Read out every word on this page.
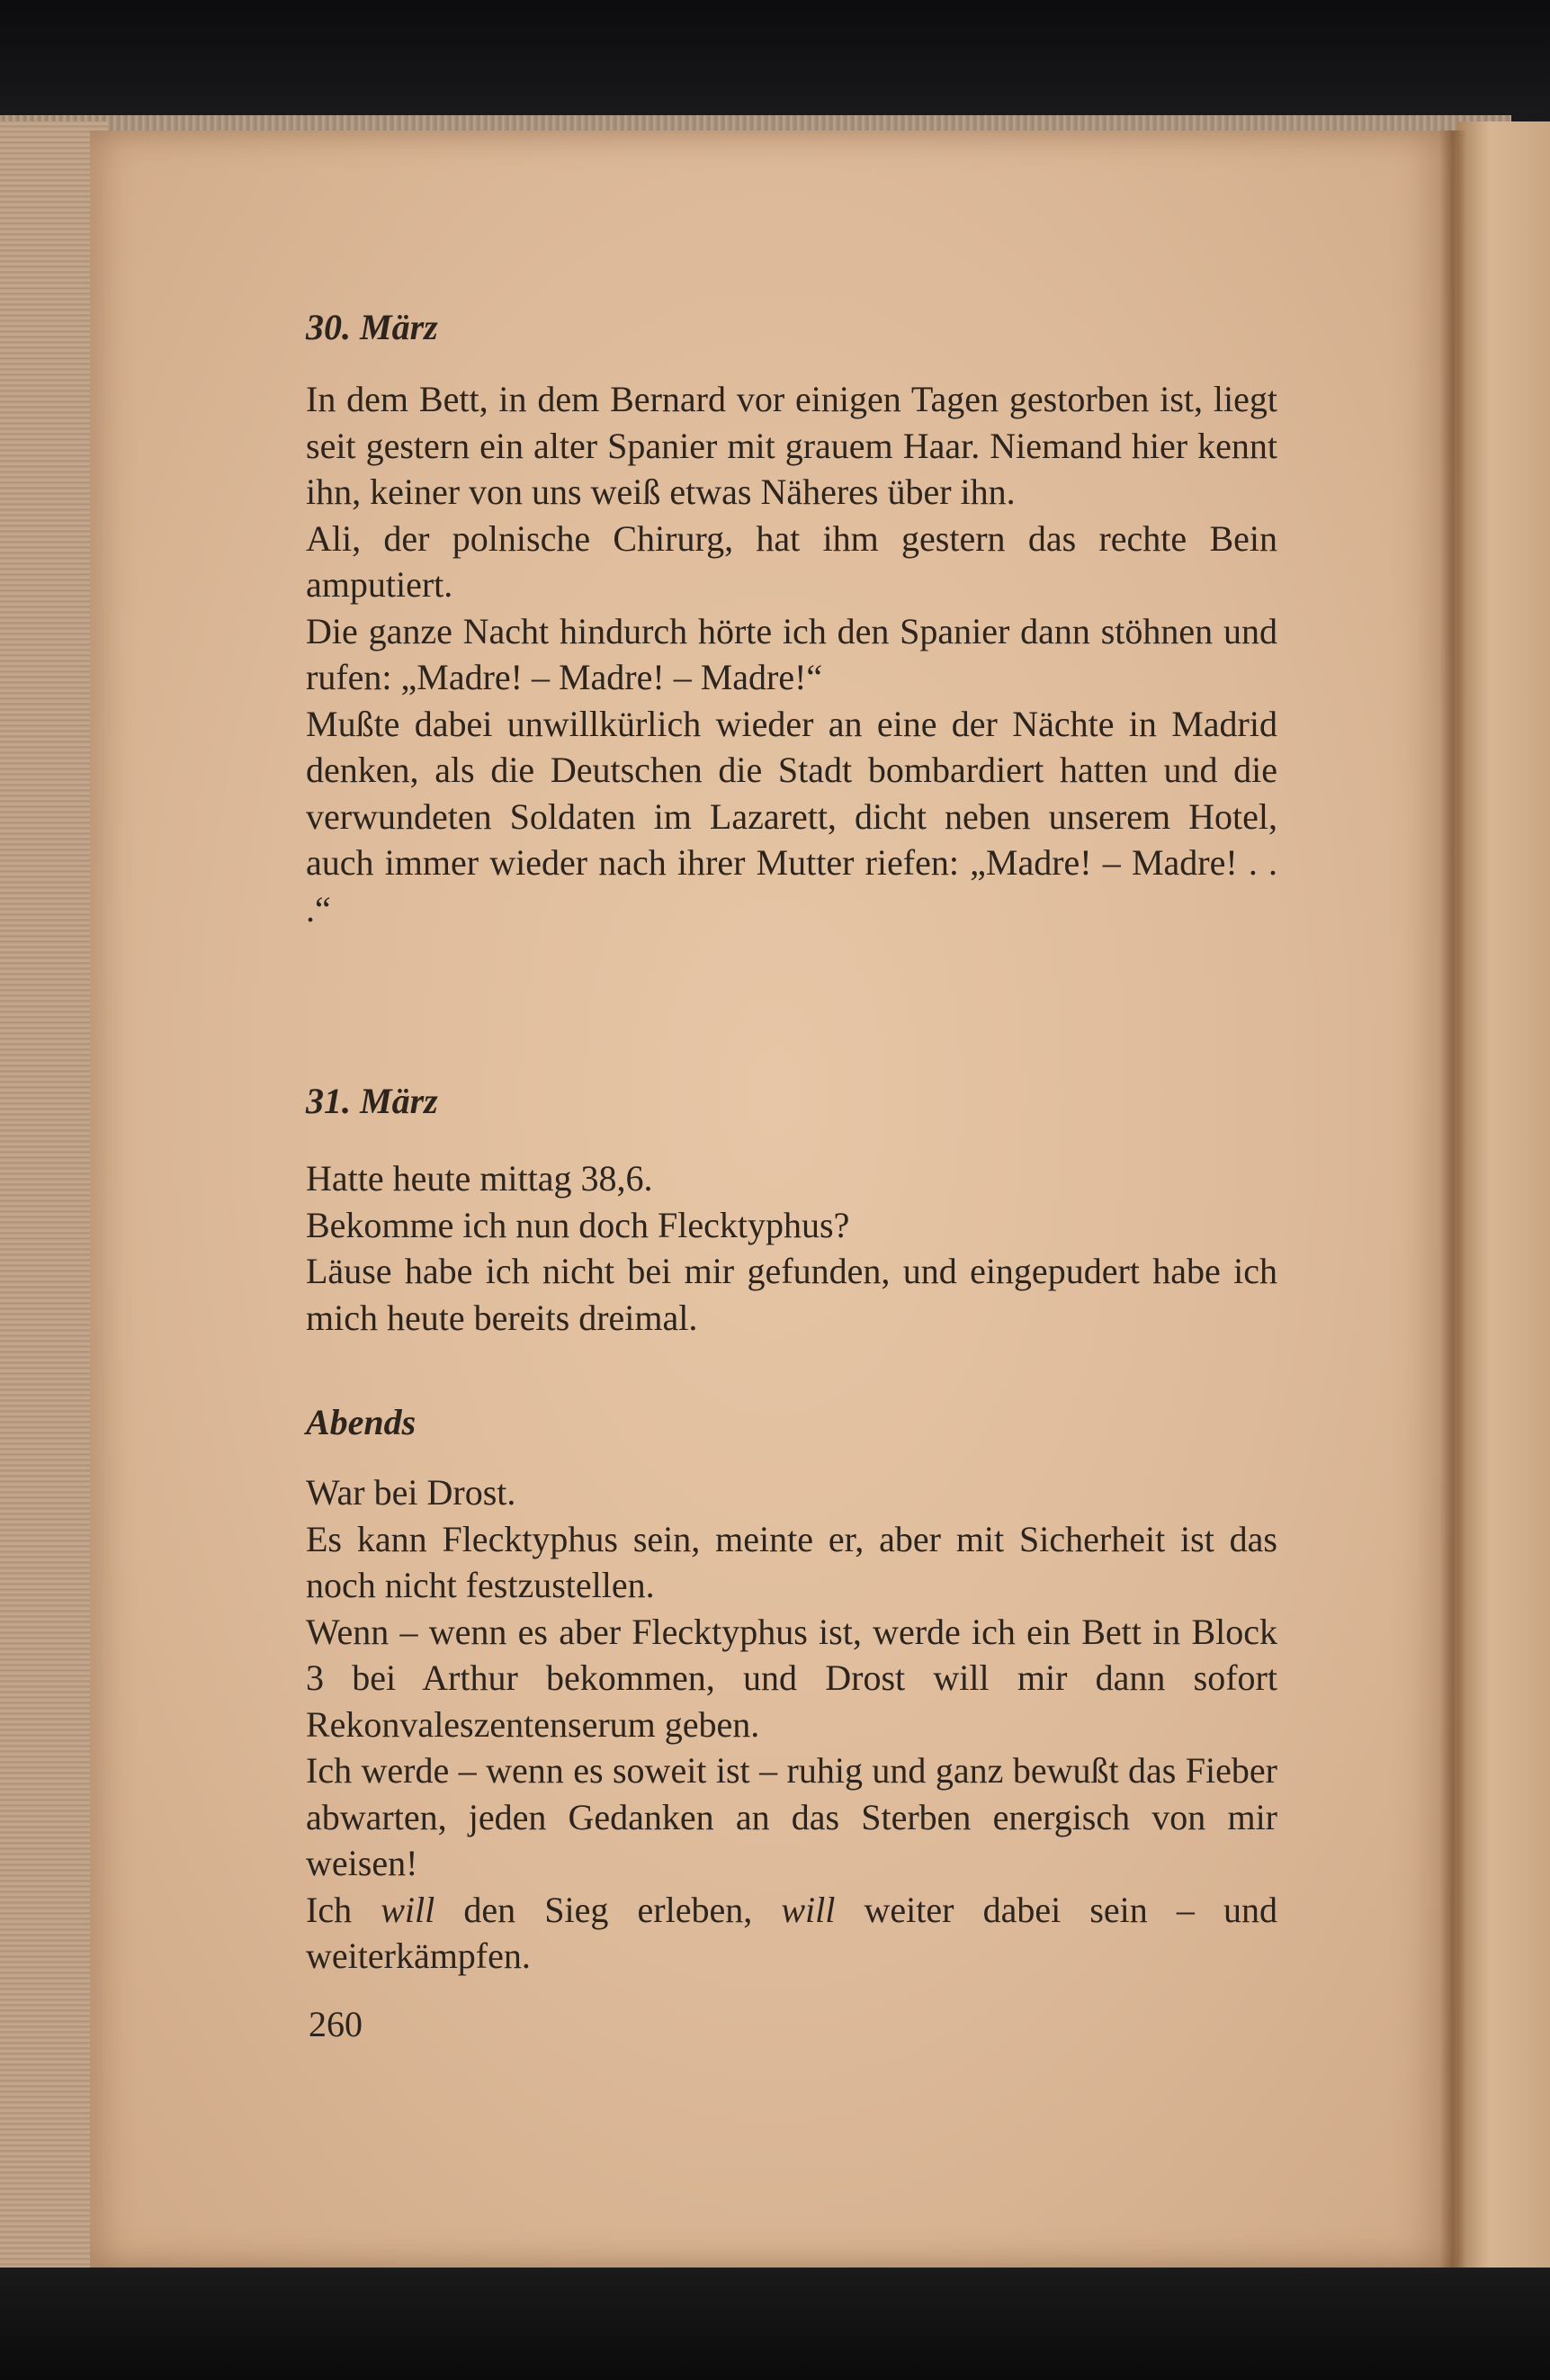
30. März

In dem Bett, in dem Bernard vor einigen Tagen gestorben ist, liegt seit gestern ein alter Spanier mit grauem Haar. Niemand hier kennt ihn, keiner von uns weiß etwas Näheres über ihn.

Ali, der polnische Chirurg, hat ihm gestern das rechte Bein amputiert.

Die ganze Nacht hindurch hörte ich den Spanier dann stöhnen und rufen: „Madre! – Madre! – Madre!“

Mußte dabei unwillkürlich wieder an eine der Nächte in Madrid denken, als die Deutschen die Stadt bombardiert hatten und die verwundeten Soldaten im Lazarett, dicht neben unserem Hotel, auch immer wieder nach ihrer Mutter riefen: „Madre! – Madre! . . .“

31. März

Hatte heute mittag 38,6.

Bekomme ich nun doch Flecktyphus?

Läuse habe ich nicht bei mir gefunden, und eingepudert habe ich mich heute bereits dreimal.

Abends

War bei Drost.

Es kann Flecktyphus sein, meinte er, aber mit Sicherheit ist das noch nicht festzustellen.

Wenn – wenn es aber Flecktyphus ist, werde ich ein Bett in Block 3 bei Arthur bekommen, und Drost will mir dann sofort Rekonvaleszentenserum geben.

Ich werde – wenn es soweit ist – ruhig und ganz bewußt das Fieber abwarten, jeden Gedanken an das Sterben energisch von mir weisen!

Ich will den Sieg erleben, will weiter dabei sein – und weiterkämpfen.

260
